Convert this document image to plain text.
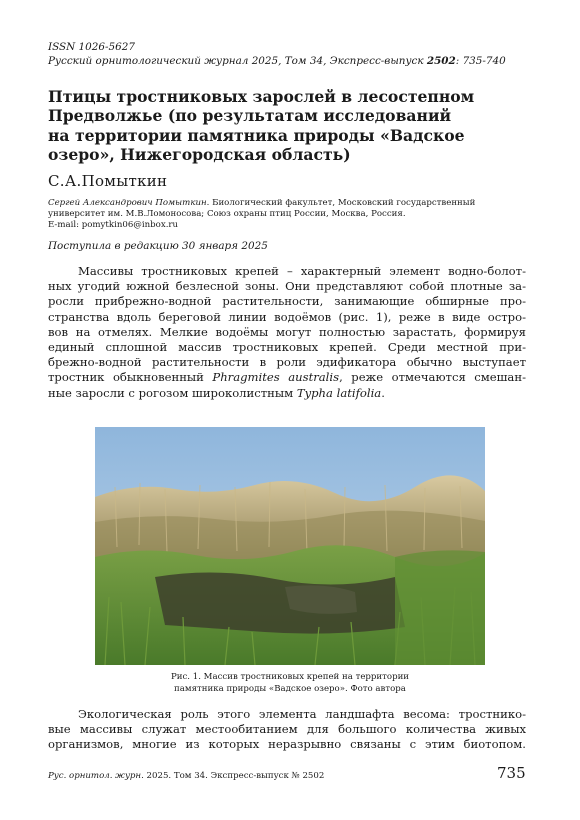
ISSN 1026-5627
Русский орнитологический журнал 2025, Том 34, Экспресс-выпуск 2502: 735-740
Птицы тростниковых зарослей в лесостепном
Предволжье (по результатам исследований
на территории памятника природы «Вадское
озеро», Нижегородская область)
С.А.Помыткин
Сергей Александрович Помыткин. Биологический факультет, Московский государственный
университет им. М.В.Ломоносова; Союз охраны птиц России, Москва, Россия.
E-mail: pomytkin06@inbox.ru
Поступила в редакцию 30 января 2025
Массивы тростниковых крепей – характерный элемент водно-болот-
ных угодий южной безлесной зоны. Они представляют собой плотные за-
росли прибрежно-водной растительности, занимающие обширные про-
странства вдоль береговой линии водоёмов (рис. 1), реже в виде остро-
вов на отмелях. Мелкие водоёмы могут полностью зарастать, формируя
единый сплошной массив тростниковых крепей. Среди местной при-
брежно-водной растительности в роли эдификатора обычно выступает
тростник обыкновенный Phragmites australis, реже отмечаются смешан-
ные заросли с рогозом широколистным Typha latifolia.
Рис. 1. Массив тростниковых крепей на территории
памятника природы «Вадское озеро». Фото автора
Экологическая роль этого элемента ландшафта весома: тростнико-
вые массивы служат местообитанием для большого количества живых
организмов, многие из которых неразрывно связаны с этим биотопом.
Рус. орнитол. журн. 2025. Том 34. Экспресс-выпуск № 2502	735
